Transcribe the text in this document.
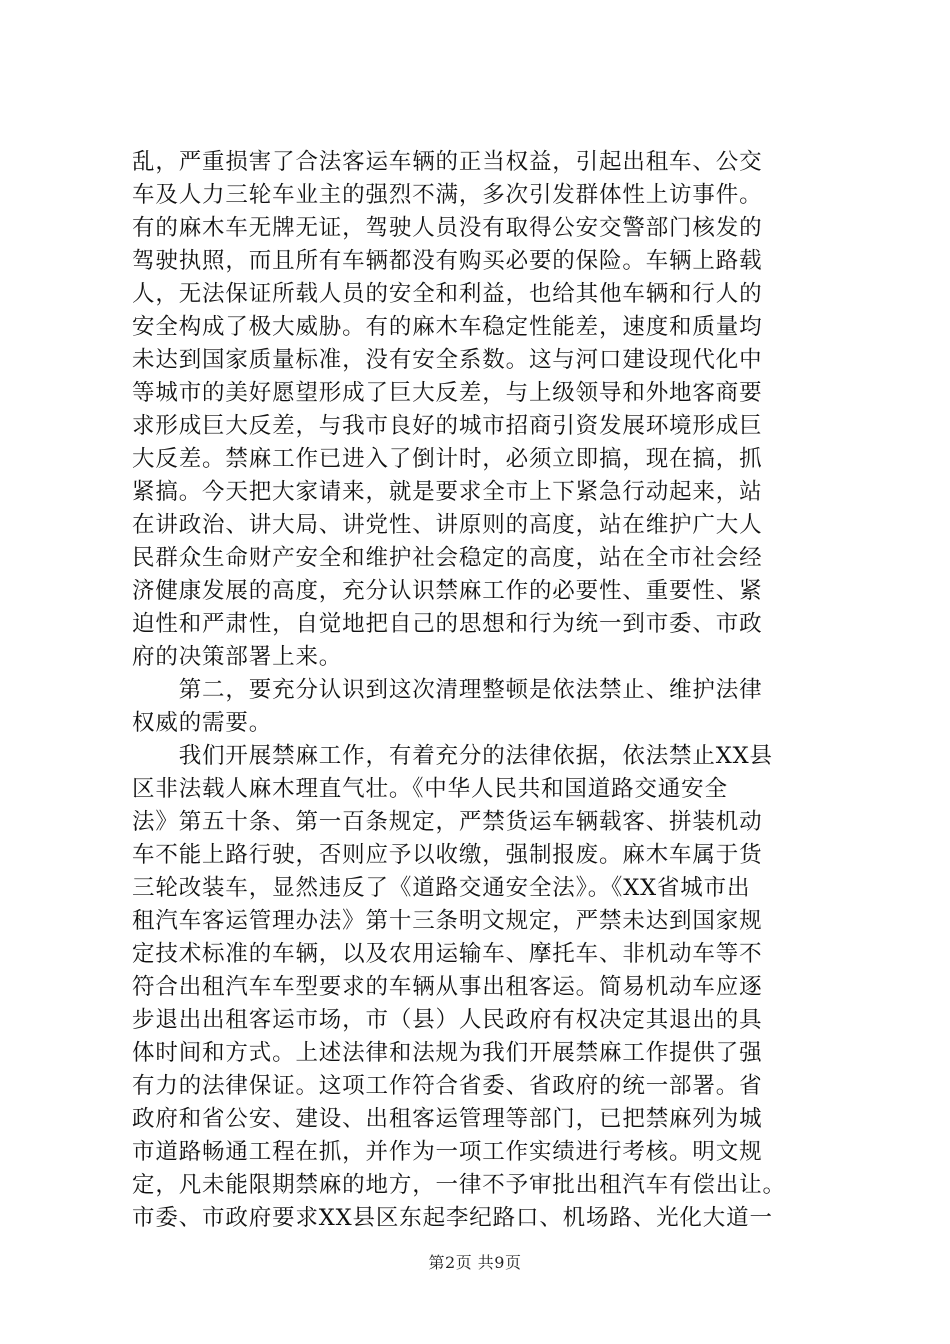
乱，严重损害了合法客运车辆的正当权益，引起出租车、公交
车及人力三轮车业主的强烈不满，多次引发群体性上访事件。
有的麻木车无牌无证，驾驶人员没有取得公安交警部门核发的
驾驶执照，而且所有车辆都没有购买必要的保险。车辆上路载
人，无法保证所载人员的安全和利益，也给其他车辆和行人的
安全构成了极大威胁。有的麻木车稳定性能差，速度和质量均
未达到国家质量标准，没有安全系数。这与河口建设现代化中
等城市的美好愿望形成了巨大反差，与上级领导和外地客商要
求形成巨大反差，与我市良好的城市招商引资发展环境形成巨
大反差。禁麻工作已进入了倒计时，必须立即搞，现在搞，抓
紧搞。今天把大家请来，就是要求全市上下紧急行动起来，站
在讲政治、讲大局、讲党性、讲原则的高度，站在维护广大人
民群众生命财产安全和维护社会稳定的高度，站在全市社会经
济健康发展的高度，充分认识禁麻工作的必要性、重要性、紧
迫性和严肃性，自觉地把自己的思想和行为统一到市委、市政
府的决策部署上来。
　　第二，要充分认识到这次清理整顿是依法禁止、维护法律
权威的需要。
　　我们开展禁麻工作，有着充分的法律依据，依法禁止XX县
区非法载人麻木理直气壮。《中华人民共和国道路交通安全
法》第五十条、第一百条规定，严禁货运车辆载客、拼装机动
车不能上路行驶，否则应予以收缴，强制报废。麻木车属于货
三轮改装车，显然违反了《道路交通安全法》。《XX省城市出
租汽车客运管理办法》第十三条明文规定，严禁未达到国家规
定技术标准的车辆，以及农用运输车、摩托车、非机动车等不
符合出租汽车车型要求的车辆从事出租客运。简易机动车应逐
步退出出租客运市场，市（县）人民政府有权决定其退出的具
体时间和方式。上述法律和法规为我们开展禁麻工作提供了强
有力的法律保证。这项工作符合省委、省政府的统一部署。省
政府和省公安、建设、出租客运管理等部门，已把禁麻列为城
市道路畅通工程在抓，并作为一项工作实绩进行考核。明文规
定，凡未能限期禁麻的地方，一律不予审批出租汽车有偿出让。
市委、市政府要求XX县区东起李纪路口、机场路、光化大道一
第2页 共9页
